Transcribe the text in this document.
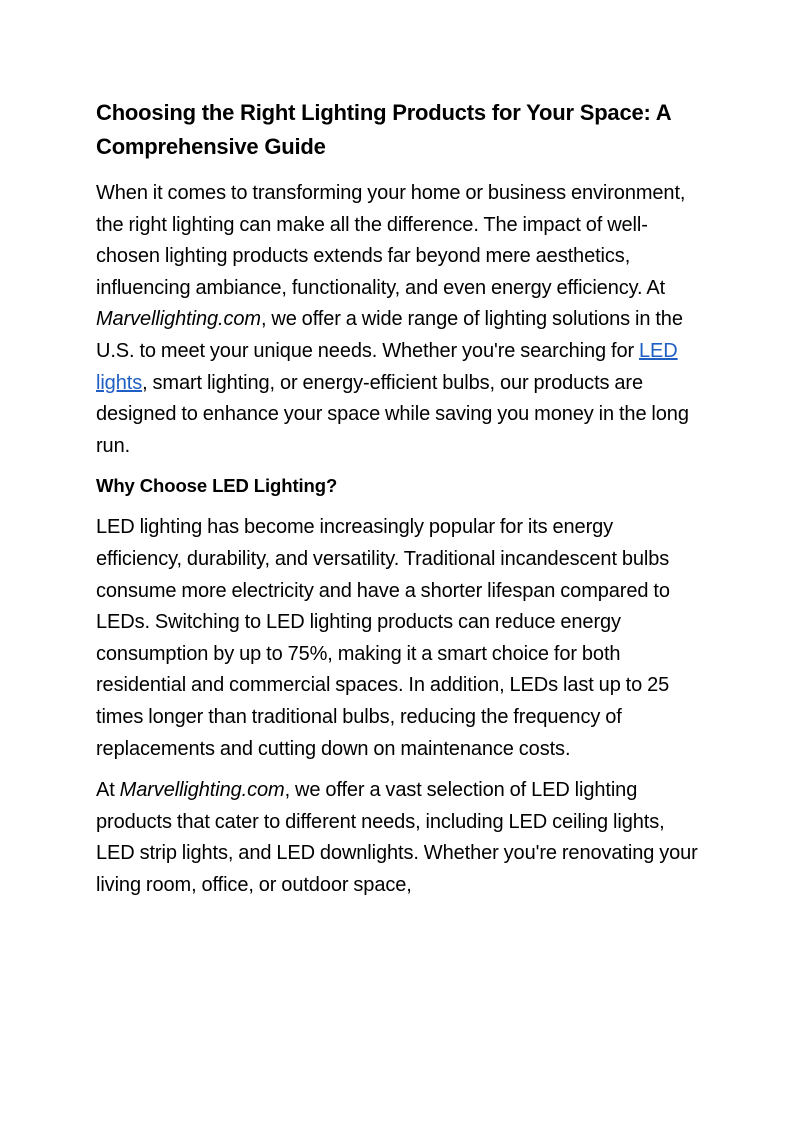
Choosing the Right Lighting Products for Your Space: A Comprehensive Guide

When it comes to transforming your home or business environment, the right lighting can make all the difference. The impact of well-chosen lighting products extends far beyond mere aesthetics, influencing ambiance, functionality, and even energy efficiency. At Marvellighting.com, we offer a wide range of lighting solutions in the U.S. to meet your unique needs. Whether you're searching for LED lights, smart lighting, or energy-efficient bulbs, our products are designed to enhance your space while saving you money in the long run.

Why Choose LED Lighting?

LED lighting has become increasingly popular for its energy efficiency, durability, and versatility. Traditional incandescent bulbs consume more electricity and have a shorter lifespan compared to LEDs. Switching to LED lighting products can reduce energy consumption by up to 75%, making it a smart choice for both residential and commercial spaces. In addition, LEDs last up to 25 times longer than traditional bulbs, reducing the frequency of replacements and cutting down on maintenance costs.

At Marvellighting.com, we offer a vast selection of LED lighting products that cater to different needs, including LED ceiling lights, LED strip lights, and LED downlights. Whether you're renovating your living room, office, or outdoor space,
